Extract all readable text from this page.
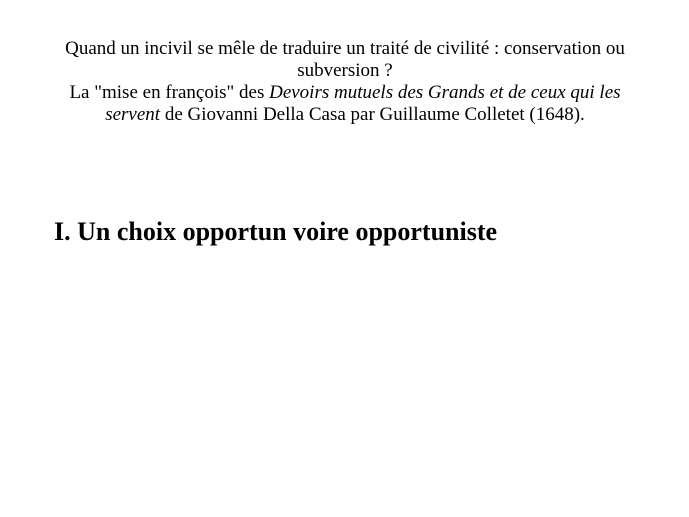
Quand un incivil se mêle de traduire un traité de civilité : conservation ou subversion ?

La "mise en françois" des Devoirs mutuels des Grands et de ceux qui les servent de Giovanni Della Casa par Guillaume Colletet (1648).

I. Un choix opportun voire opportuniste
